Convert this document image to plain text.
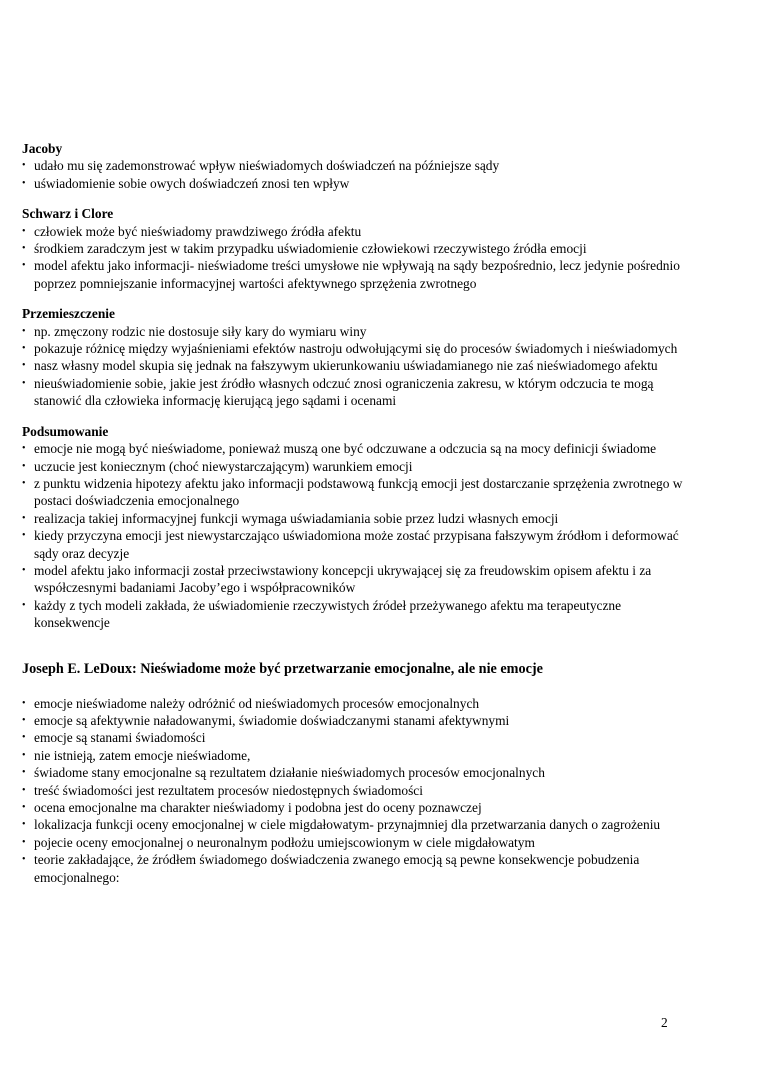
Jacoby

• udało mu się zademonstrować wpływ nieświadomych doświadczeń na późniejsze sądy
• uświadomienie sobie owych doświadczeń znosi ten wpływ

Schwarz i Clore

• człowiek może być nieświadomy prawdziwego źródła afektu
• środkiem zaradczym jest w takim przypadku uświadomienie człowiekowi rzeczywistego źródła emocji
• model afektu jako informacji- nieświadome treści umysłowe nie wpływają na sądy bezpośrednio, lecz jedynie pośrednio poprzez pomniejszanie informacyjnej wartości afektywnego sprzężenia zwrotnego

Przemieszczenie

• np. zmęczony rodzic nie dostosuje siły kary do wymiaru winy
• pokazuje różnicę między wyjaśnieniami efektów nastroju odwołującymi się do procesów świadomych i nieświadomych
• nasz własny model skupia się jednak na fałszywym ukierunkowaniu uświadamianego nie zaś nieświadomego afektu
• nieuświadomienie sobie, jakie jest źródło własnych odczuć znosi ograniczenia zakresu, w którym odczucia te mogą stanowić dla człowieka informację kierującą jego sądami i ocenami

Podsumowanie

• emocje nie mogą być nieświadome, ponieważ muszą one być odczuwane a odczucia są na mocy definicji świadome
• uczucie jest koniecznym (choć niewystarczającym) warunkiem emocji
• z punktu widzenia hipotezy afektu jako informacji podstawową funkcją emocji jest dostarczanie sprzężenia zwrotnego w postaci doświadczenia emocjonalnego
• realizacja takiej informacyjnej funkcji wymaga uświadamiania sobie przez ludzi własnych emocji
• kiedy przyczyna emocji jest niewystarczająco uświadomiona może zostać przypisana fałszywym źródłom i deformować sądy oraz decyzje
• model afektu jako informacji został przeciwstawiony koncepcji ukrywającej się za freudowskim opisem afektu i za współczesnymi badaniami Jacoby’ego i współpracowników
• każdy z tych modeli zakłada, że uświadomienie rzeczywistych źródeł przeżywanego afektu ma terapeutyczne konsekwencje
Joseph E. LeDoux: Nieświadome może być przetwarzanie emocjonalne, ale nie emocje
• emocje nieświadome należy odróżnić od nieświadomych procesów emocjonalnych
• emocje są afektywnie naładowanymi, świadomie doświadczanymi stanami afektywnymi
• emocje są stanami świadomości
• nie istnieją, zatem emocje nieświadome,
• świadome stany emocjonalne są rezultatem działanie nieświadomych procesów emocjonalnych
• treść świadomości jest rezultatem procesów niedostępnych świadomości
• ocena emocjonalne ma charakter nieświadomy i podobna jest do oceny poznawczej
• lokalizacja funkcji oceny emocjonalnej w ciele migdałowatym- przynajmniej dla przetwarzania danych o zagrożeniu
• pojecie oceny emocjonalnej o neuronalnym podłożu umiejscowionym w ciele migdałowatym
• teorie zakładające, że źródłem świadomego doświadczenia zwanego emocją są pewne konsekwencje pobudzenia emocjonalnego:
2
